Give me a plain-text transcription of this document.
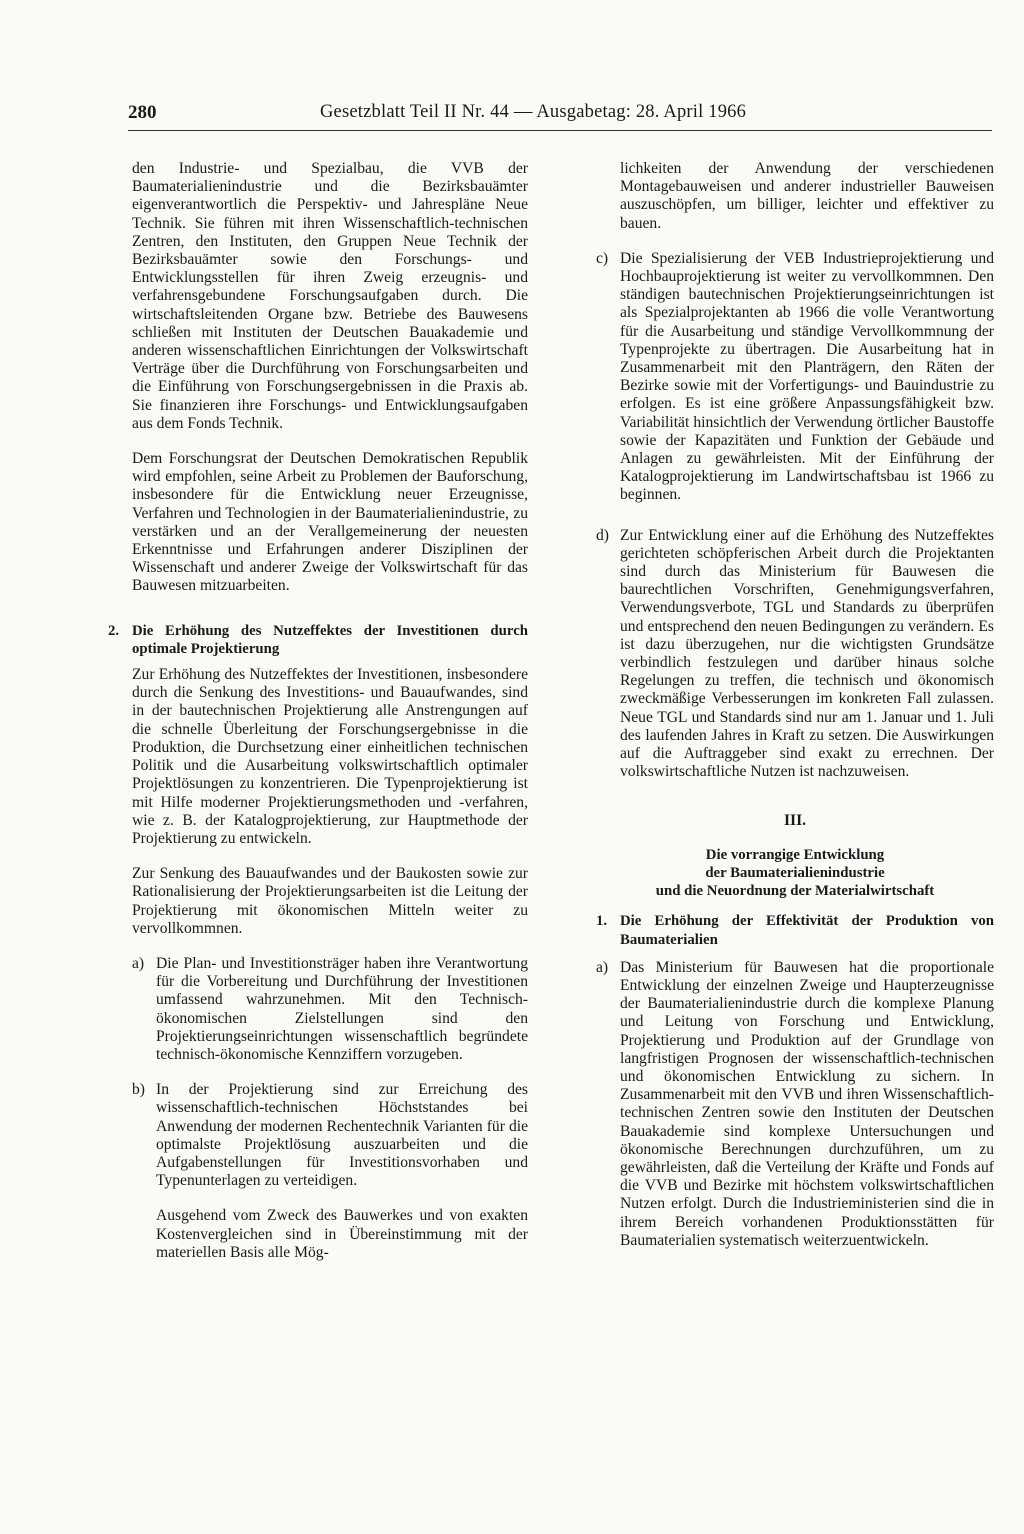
280	Gesetzblatt Teil II Nr. 44 — Ausgabetag: 28. April 1966

den Industrie- und Spezialbau, die VVB der Baumaterialienindustrie und die Bezirksbauämter eigenverantwortlich die Perspektiv- und Jahrespläne Neue Technik. Sie führen mit ihren Wissenschaftlich-technischen Zentren, den Instituten, den Gruppen Neue Technik der Bezirksbauämter sowie den Forschungs- und Entwicklungsstellen für ihren Zweig erzeugnis- und verfahrensgebundene Forschungsaufgaben durch. Die wirtschaftsleitenden Organe bzw. Betriebe des Bauwesens schließen mit Instituten der Deutschen Bauakademie und anderen wissenschaftlichen Einrichtungen der Volkswirtschaft Verträge über die Durchführung von Forschungsarbeiten und die Einführung von Forschungsergebnissen in die Praxis ab. Sie finanzieren ihre Forschungs- und Entwicklungsaufgaben aus dem Fonds Technik.

Dem Forschungsrat der Deutschen Demokratischen Republik wird empfohlen, seine Arbeit zu Problemen der Bauforschung, insbesondere für die Entwicklung neuer Erzeugnisse, Verfahren und Technologien in der Baumaterialienindustrie, zu verstärken und an der Verallgemeinerung der neuesten Erkenntnisse und Erfahrungen anderer Disziplinen der Wissenschaft und anderer Zweige der Volkswirtschaft für das Bauwesen mitzuarbeiten.

2. Die Erhöhung des Nutzeffektes der Investitionen durch optimale Projektierung

Zur Erhöhung des Nutzeffektes der Investitionen, insbesondere durch die Senkung des Investitions- und Bauaufwandes, sind in der bautechnischen Projektierung alle Anstrengungen auf die schnelle Überleitung der Forschungsergebnisse in die Produktion, die Durchsetzung einer einheitlichen technischen Politik und die Ausarbeitung volkswirtschaftlich optimaler Projektlösungen zu konzentrieren. Die Typenprojektierung ist mit Hilfe moderner Projektierungsmethoden und -verfahren, wie z. B. der Katalogprojektierung, zur Hauptmethode der Projektierung zu entwickeln.

Zur Senkung des Bauaufwandes und der Baukosten sowie zur Rationalisierung der Projektierungsarbeiten ist die Leitung der Projektierung mit ökonomischen Mitteln weiter zu vervollkommnen.

a) Die Plan- und Investitionsträger haben ihre Verantwortung für die Vorbereitung und Durchführung der Investitionen umfassend wahrzunehmen. Mit den Technisch-ökonomischen Zielstellungen sind den Projektierungseinrichtungen wissenschaftlich begründete technisch-ökonomische Kennziffern vorzugeben.

b) In der Projektierung sind zur Erreichung des wissenschaftlich-technischen Höchststandes bei Anwendung der modernen Rechentechnik Varianten für die optimalste Projektlösung auszuarbeiten und die Aufgabenstellungen für Investitionsvorhaben und Typenunterlagen zu verteidigen.

Ausgehend vom Zweck des Bauwerkes und von exakten Kostenvergleichen sind in Übereinstimmung mit der materiellen Basis alle Mög-

lichkeiten der Anwendung der verschiedenen Montagebauweisen und anderer industrieller Bauweisen auszuschöpfen, um billiger, leichter und effektiver zu bauen.

c) Die Spezialisierung der VEB Industrieprojektierung und Hochbauprojektierung ist weiter zu vervollkommnen. Den ständigen bautechnischen Projektierungseinrichtungen ist als Spezialprojektanten ab 1966 die volle Verantwortung für die Ausarbeitung und ständige Vervollkommnung der Typenprojekte zu übertragen. Die Ausarbeitung hat in Zusammenarbeit mit den Planträgern, den Räten der Bezirke sowie mit der Vorfertigungs- und Bauindustrie zu erfolgen. Es ist eine größere Anpassungsfähigkeit bzw. Variabilität hinsichtlich der Verwendung örtlicher Baustoffe sowie der Kapazitäten und Funktion der Gebäude und Anlagen zu gewährleisten. Mit der Einführung der Katalogprojektierung im Landwirtschaftsbau ist 1966 zu beginnen.

d) Zur Entwicklung einer auf die Erhöhung des Nutzeffektes gerichteten schöpferischen Arbeit durch die Projektanten sind durch das Ministerium für Bauwesen die baurechtlichen Vorschriften, Genehmigungsverfahren, Verwendungsverbote, TGL und Standards zu überprüfen und entsprechend den neuen Bedingungen zu verändern. Es ist dazu überzugehen, nur die wichtigsten Grundsätze verbindlich festzulegen und darüber hinaus solche Regelungen zu treffen, die technisch und ökonomisch zweckmäßige Verbesserungen im konkreten Fall zulassen. Neue TGL und Standards sind nur am 1. Januar und 1. Juli des laufenden Jahres in Kraft zu setzen. Die Auswirkungen auf die Auftraggeber sind exakt zu errechnen. Der volkswirtschaftliche Nutzen ist nachzuweisen.

III.
Die vorrangige Entwicklung
der Baumaterialienindustrie
und die Neuordnung der Materialwirtschaft
1. Die Erhöhung der Effektivität der Produktion von Baumaterialien
a) Das Ministerium für Bauwesen hat die proportionale Entwicklung der einzelnen Zweige und Haupterzeugnisse der Baumaterialienindustrie durch die komplexe Planung und Leitung von Forschung und Entwicklung, Projektierung und Produktion auf der Grundlage von langfristigen Prognosen der wissenschaftlich-technischen und ökonomischen Entwicklung zu sichern. In Zusammenarbeit mit den VVB und ihren Wissenschaftlich-technischen Zentren sowie den Instituten der Deutschen Bauakademie sind komplexe Untersuchungen und ökonomische Berechnungen durchzuführen, um zu gewährleisten, daß die Verteilung der Kräfte und Fonds auf die VVB und Bezirke mit höchstem volkswirtschaftlichen Nutzen erfolgt. Durch die Industrieministerien sind die in ihrem Bereich vorhandenen Produktionsstätten für Baumaterialien systematisch weiterzuentwickeln.
